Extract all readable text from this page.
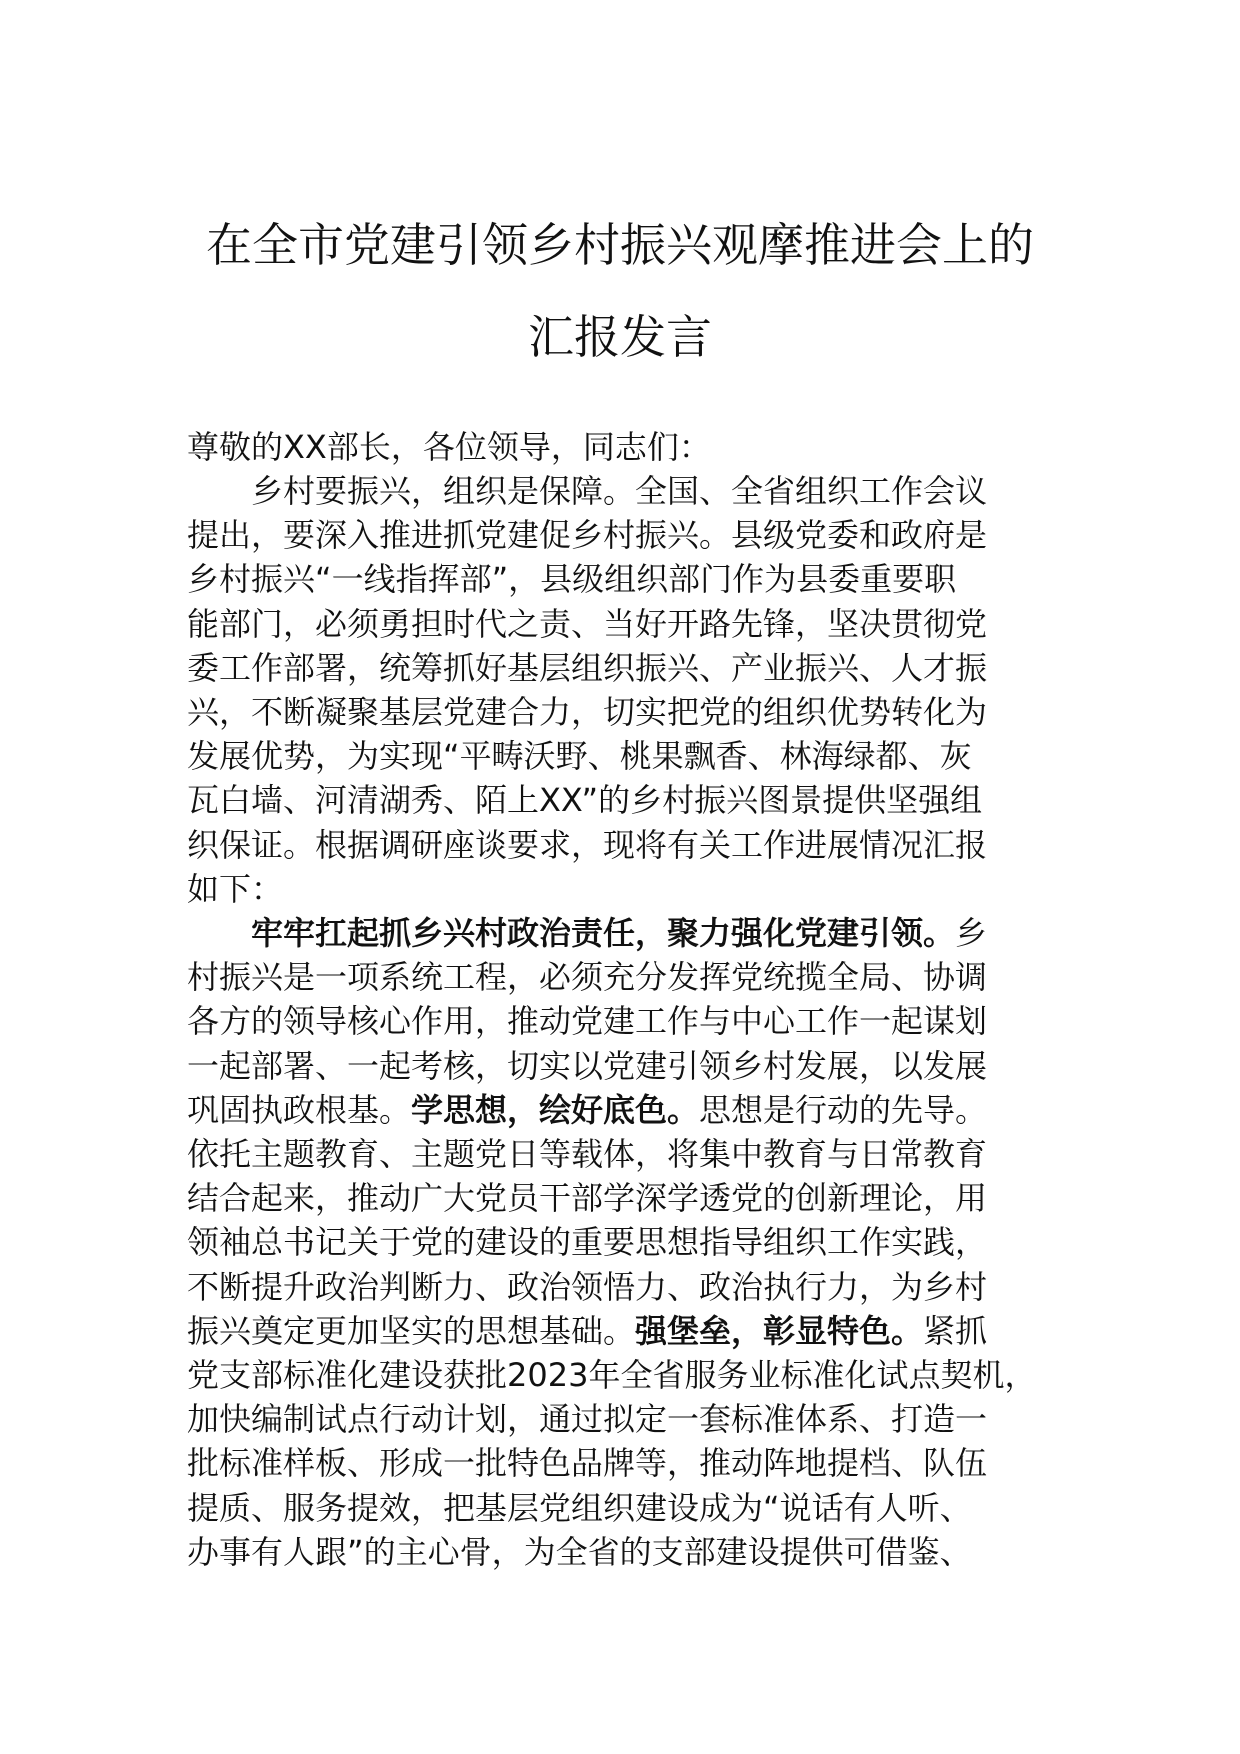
在全市党建引领乡村振兴观摩推进会上的
汇报发言

尊敬的XX部长，各位领导，同志们：

乡村要振兴，组织是保障。全国、全省组织工作会议

提出，要深入推进抓党建促乡村振兴。县级党委和政府是

乡村振兴“一线指挥部”，县级组织部门作为县委重要职

能部门，必须勇担时代之责、当好开路先锋，坚决贯彻党

委工作部署，统筹抓好基层组织振兴、产业振兴、人才振

兴，不断凝聚基层党建合力，切实把党的组织优势转化为

发展优势，为实现“平畴沃野、桃果飘香、林海绿都、灰

瓦白墙、河清湖秀、陌上XX”的乡村振兴图景提供坚强组

织保证。根据调研座谈要求，现将有关工作进展情况汇报

如下：

牢牢扛起抓乡兴村政治责任，聚力强化党建引领。乡

村振兴是一项系统工程，必须充分发挥党统揽全局、协调

各方的领导核心作用，推动党建工作与中心工作一起谋划

一起部署、一起考核，切实以党建引领乡村发展，以发展

巩固执政根基。学思想，绘好底色。思想是行动的先导。

依托主题教育、主题党日等载体，将集中教育与日常教育

结合起来，推动广大党员干部学深学透党的创新理论，用

领袖总书记关于党的建设的重要思想指导组织工作实践，

不断提升政治判断力、政治领悟力、政治执行力，为乡村

振兴奠定更加坚实的思想基础。强堡垒，彰显特色。紧抓

党支部标准化建设获批2023年全省服务业标准化试点契机，

加快编制试点行动计划，通过拟定一套标准体系、打造一

批标准样板、形成一批特色品牌等，推动阵地提档、队伍

提质、服务提效，把基层党组织建设成为“说话有人听、

办事有人跟”的主心骨，为全省的支部建设提供可借鉴、
